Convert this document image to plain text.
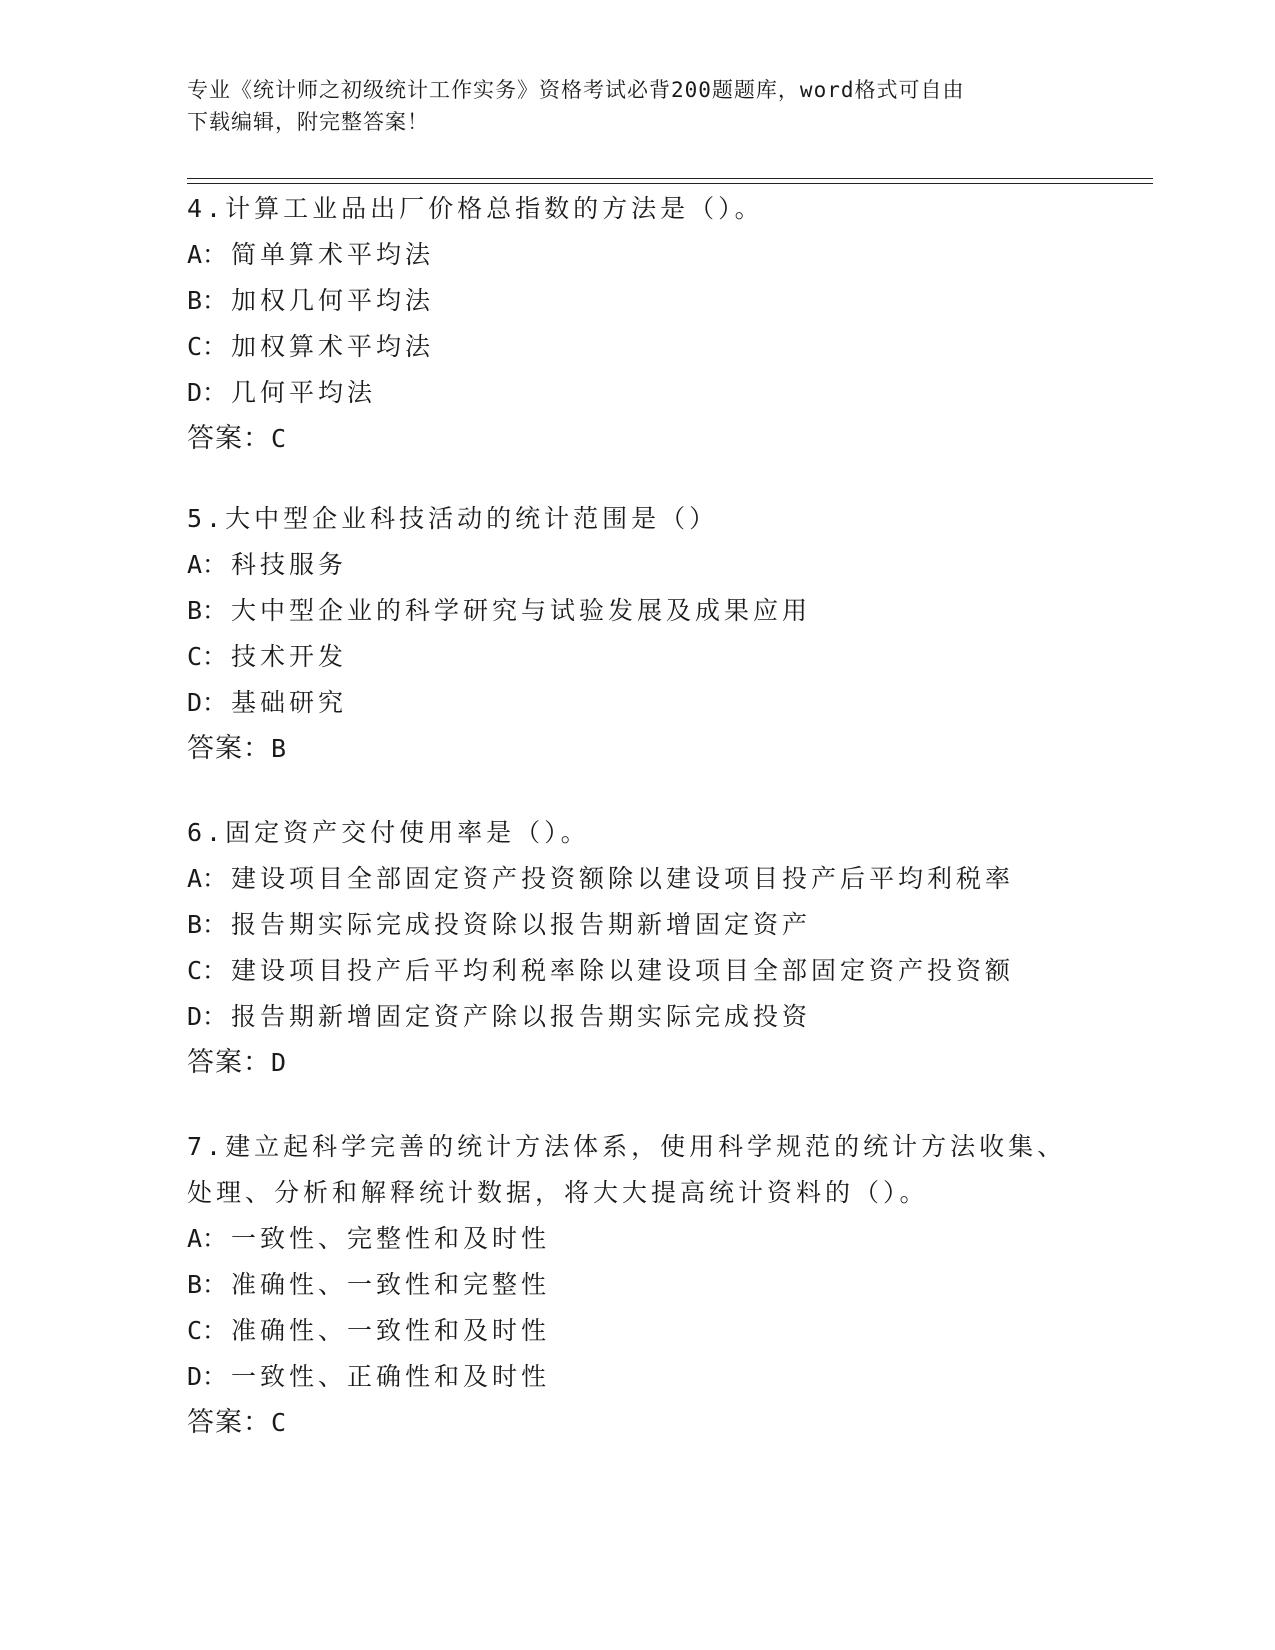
专业《统计师之初级统计工作实务》资格考试必背200题题库，word格式可自由
下载编辑，附完整答案！
4.计算工业品出厂价格总指数的方法是（）。
A： 简单算术平均法
B： 加权几何平均法
C： 加权算术平均法
D： 几何平均法
答案：C
5.大中型企业科技活动的统计范围是（）
A： 科技服务
B： 大中型企业的科学研究与试验发展及成果应用
C： 技术开发
D： 基础研究
答案：B
6.固定资产交付使用率是（）。
A： 建设项目全部固定资产投资额除以建设项目投产后平均利税率
B： 报告期实际完成投资除以报告期新增固定资产
C： 建设项目投产后平均利税率除以建设项目全部固定资产投资额
D： 报告期新增固定资产除以报告期实际完成投资
答案：D
7.建立起科学完善的统计方法体系，使用科学规范的统计方法收集、
处理、分析和解释统计数据，将大大提高统计资料的（）。
A： 一致性、完整性和及时性
B： 准确性、一致性和完整性
C： 准确性、一致性和及时性
D： 一致性、正确性和及时性
答案：C
